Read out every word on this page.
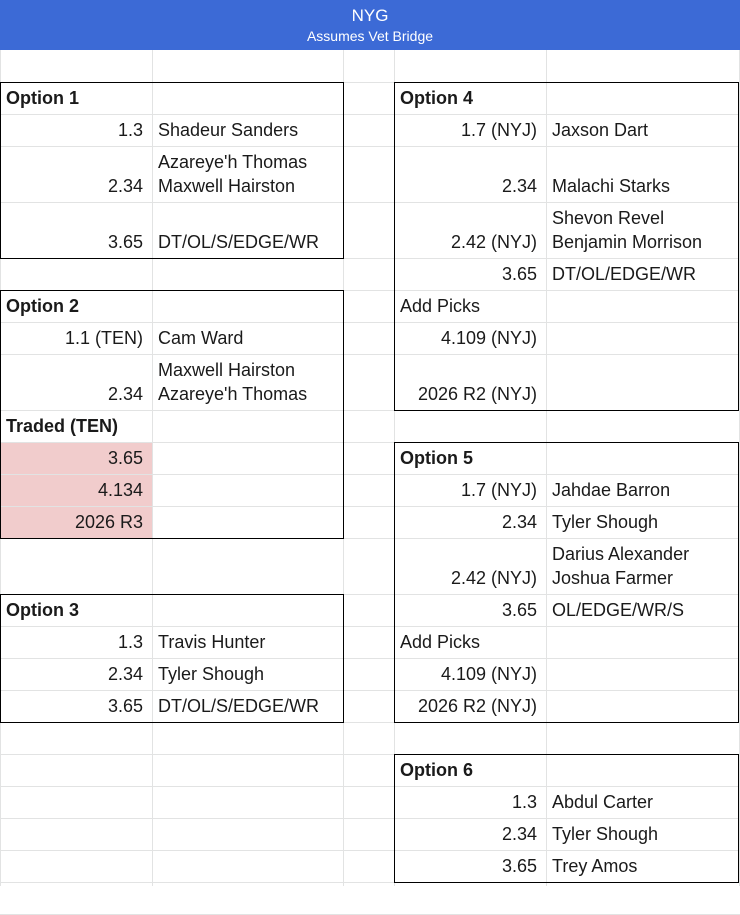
NYG
Assumes Vet Bridge
Option 1
1.3 Shadeur Sanders
2.34
Azareye'h Thomas
Maxwell Hairston
3.65 DT/OL/S/EDGE/WR
Option 2
1.1 (TEN) Cam Ward
2.34
Maxwell Hairston
Azareye'h Thomas
Traded (TEN)
3.65
4.134
2026 R3
Option 3
1.3 Travis Hunter
2.34 Tyler Shough
3.65 DT/OL/S/EDGE/WR
Option 4
1.7 (NYJ) Jaxson Dart
2.34 Malachi Starks
2.42 (NYJ)
Shevon Revel
Benjamin Morrison
3.65 DT/OL/EDGE/WR
Add Picks
4.109 (NYJ)
2026 R2 (NYJ)
Option 5
1.7 (NYJ) Jahdae Barron
2.34 Tyler Shough
2.42 (NYJ)
Darius Alexander
Joshua Farmer
3.65 OL/EDGE/WR/S
Add Picks
4.109 (NYJ)
2026 R2 (NYJ)
Option 6
1.3 Abdul Carter
2.34 Tyler Shough
3.65 Trey Amos
